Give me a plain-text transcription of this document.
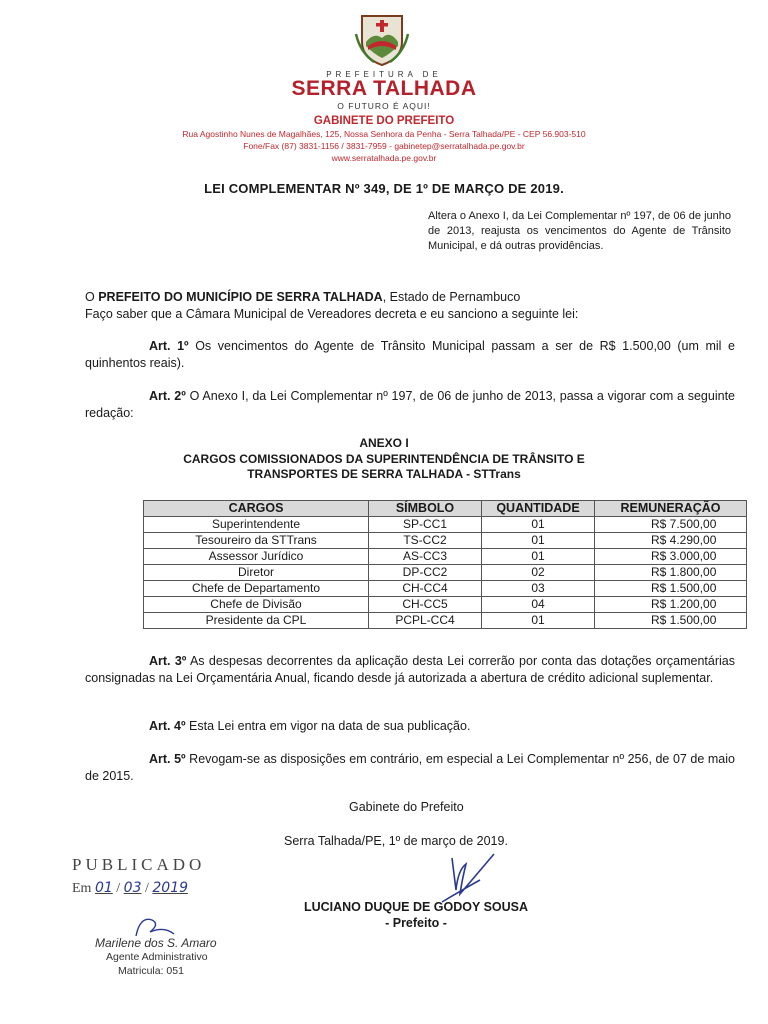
PREFEITURA DE
SERRA TALHADA
O FUTURO É AQUI!
GABINETE DO PREFEITO
Rua Agostinho Nunes de Magalhães, 125, Nossa Senhora da Penha - Serra Talhada/PE - CEP 56.903-510
Fone/Fax (87) 3831-1156 / 3831-7959 - gabinetep@serratalhada.pe.gov.br
www.serratalhada.pe.gov.br
LEI COMPLEMENTAR Nº 349, DE 1º DE MARÇO DE 2019.
Altera o Anexo I, da Lei Complementar nº 197, de 06 de junho de 2013, reajusta os vencimentos do Agente de Trânsito Municipal, e dá outras providências.
O PREFEITO DO MUNICÍPIO DE SERRA TALHADA, Estado de Pernambuco
Faço saber que a Câmara Municipal de Vereadores decreta e eu sanciono a seguinte lei:
Art. 1º Os vencimentos do Agente de Trânsito Municipal passam a ser de R$ 1.500,00 (um mil e quinhentos reais).
Art. 2º O Anexo I, da Lei Complementar nº 197, de 06 de junho de 2013, passa a vigorar com a seguinte redação:
ANEXO I
CARGOS COMISSIONADOS DA SUPERINTENDÊNCIA DE TRÂNSITO E
TRANSPORTES DE SERRA TALHADA - STTrans
CARGOS	SÍMBOLO	QUANTIDADE	REMUNERAÇÃO
Superintendente	SP-CC1	01	R$ 7.500,00
Tesoureiro da STTrans	TS-CC2	01	R$ 4.290,00
Assessor Jurídico	AS-CC3	01	R$ 3.000,00
Diretor	DP-CC2	02	R$ 1.800,00
Chefe de Departamento	CH-CC4	03	R$ 1.500,00
Chefe de Divisão	CH-CC5	04	R$ 1.200,00
Presidente da CPL	PCPL-CC4	01	R$ 1.500,00
Art. 3º As despesas decorrentes da aplicação desta Lei correrão por conta das dotações orçamentárias consignadas na Lei Orçamentária Anual, ficando desde já autorizada a abertura de crédito adicional suplementar.
Art. 4º Esta Lei entra em vigor na data de sua publicação.
Art. 5º Revogam-se as disposições em contrário, em especial a Lei Complementar nº 256, de 07 de maio de 2015.
Gabinete do Prefeito
Serra Talhada/PE, 1º de março de 2019.
LUCIANO DUQUE DE GODOY SOUSA
- Prefeito -
PUBLICADO
Em 01 / 03 / 2019
Marilene dos S. Amaro
Agente Administrativo
Matricula: 051
